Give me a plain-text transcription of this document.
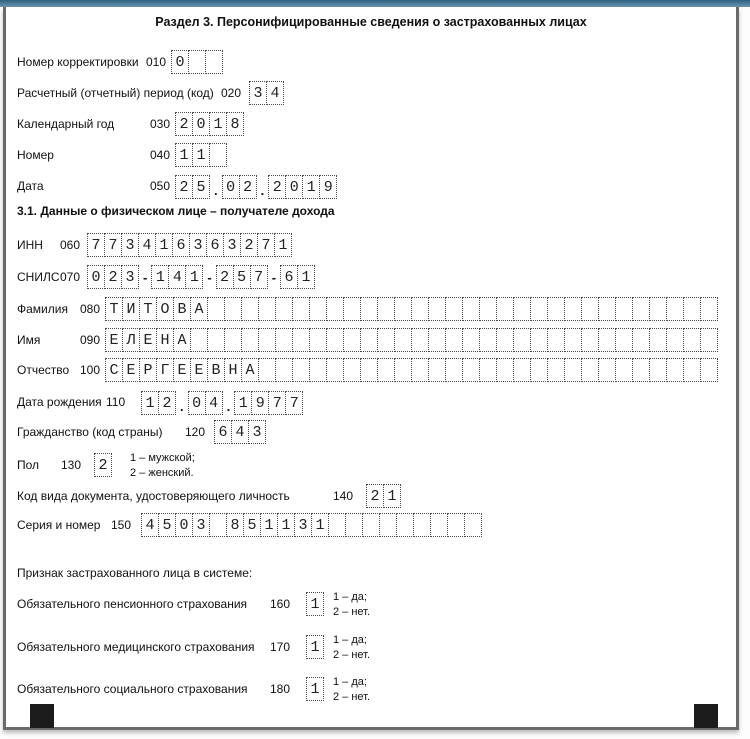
Раздел 3. Персонифицированные сведения о застрахованных лицах
Номер корректировки 010 0
Расчетный (отчетный) период (код) 020 3 4
Календарный год	030 2 0 1 8
Номер	040 1 1
Дата	050 2 5 . 0 2 . 2 0 1 9
3.1. Данные о физическом лице – получателе дохода
ИНН 060 7 7 3 4 1 6 3 6 3 2 7 1
СНИЛС 070 0 2 3 - 1 4 1 - 2 5 7 - 6 1
Фамилия 080 Т И Т О В А
Имя	090 Е Л Е Н А
Отчество 100 С Е Р Г Е Е В Н А
Дата рождения 110 1 2 . 0 4 . 1 9 7 7
Гражданство (код страны) 120 6 4 3
Пол 130 2	1 – мужской;
2 – женский.
Код вида документа, удостоверяющего личность	140 2 1
Серия и номер 150 4 5 0 3	8 5 1 1 3 1
Признак застрахованного лица в системе:
Обязательного пенсионного страхования 160 1	1 – да;
2 – нет.
Обязательного медицинского страхования 170 1	1 – да;
2 – нет.
Обязательного социального страхования 180 1	1 – да;
2 – нет.
